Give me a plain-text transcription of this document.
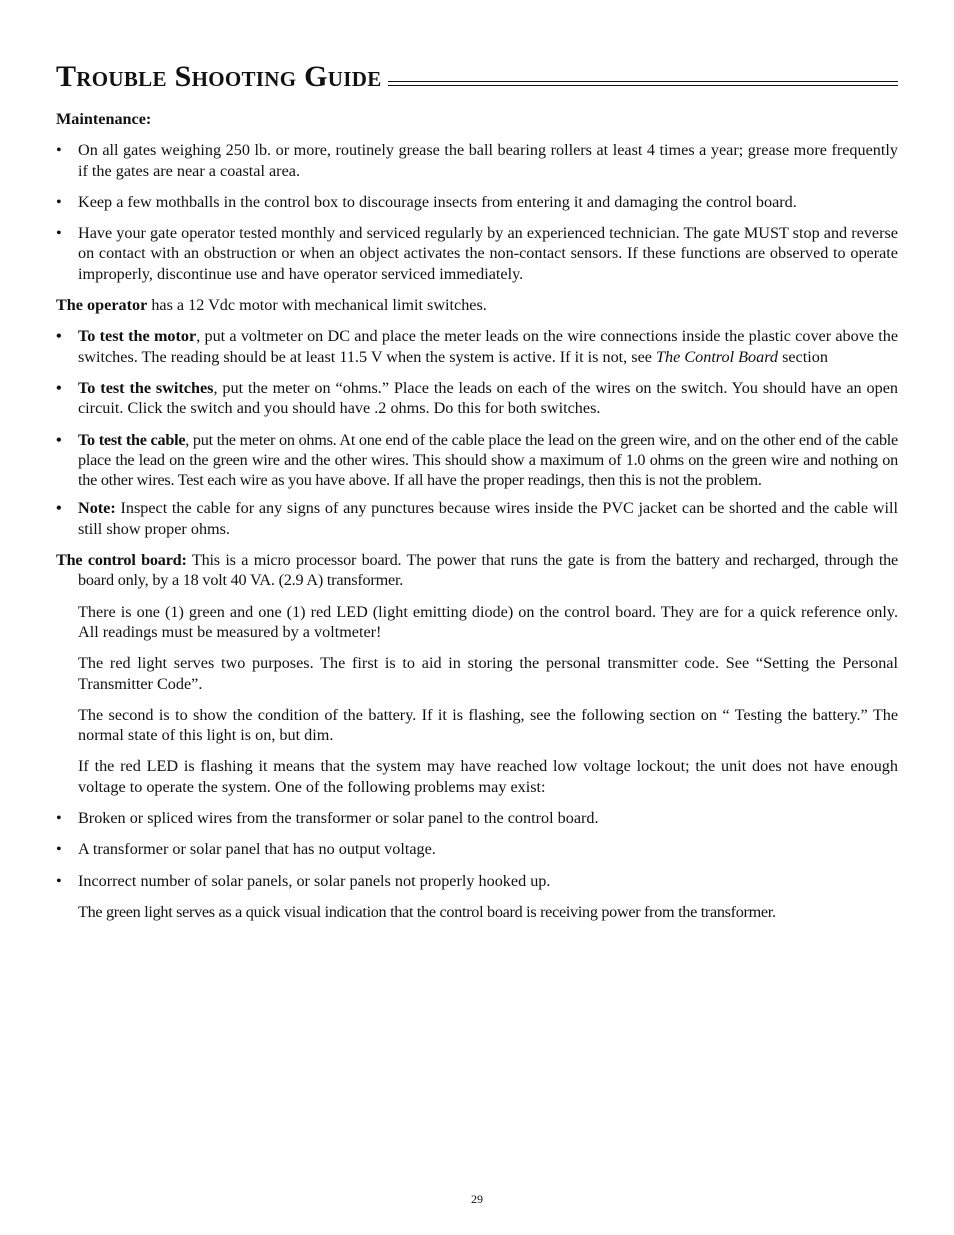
Trouble Shooting Guide

Maintenance:

•	On all gates weighing 250 lb. or more, routinely grease the ball bearing rollers at least 4 times a year; grease more frequently if the gates are near a coastal area.

•	Keep a few mothballs in the control box to discourage insects from entering it and damaging the control board.

•	Have your gate operator tested monthly and serviced regularly by an experienced technician. The gate MUST stop and reverse on contact with an obstruction or when an object activates the non-contact sensors. If these functions are observed to operate improperly, discontinue use and have operator serviced immediately.

The operator has a 12 Vdc motor with mechanical limit switches.

•	To test the motor, put a voltmeter on DC and place the meter leads on the wire connections inside the plastic cover above the switches. The reading should be at least 11.5 V when the system is active. If it is not, see The Control Board section

•	To test the switches, put the meter on “ohms.” Place the leads on each of the wires on the switch. You should have an open circuit. Click the switch and you should have .2 ohms. Do this for both switches.

•	To test the cable, put the meter on ohms. At one end of the cable place the lead on the green wire, and on the other end of the cable place the lead on the green wire and the other wires. This should show a maximum of 1.0 ohms on the green wire and nothing on the other wires. Test each wire as you have above. If all have the proper readings, then this is not the problem.

•	Note: Inspect the cable for any signs of any punctures because wires inside the PVC jacket can be shorted and the cable will still show proper ohms.

The control board: This is a micro processor board. The power that runs the gate is from the battery and recharged, through the board only, by a 18 volt 40 VA. (2.9 A) transformer.

There is one (1) green and one (1) red LED (light emitting diode) on the control board. They are for a quick reference only. All readings must be measured by a voltmeter!

The red light serves two purposes. The first is to aid in storing the personal transmitter code. See “Setting the Personal Transmitter Code”.

The second is to show the condition of the battery. If it is flashing, see the following section on “ Testing the battery.” The normal state of this light is on, but dim.

If the red LED is flashing it means that the system may have reached low voltage lockout; the unit does not have enough voltage to operate the system. One of the following problems may exist:

•	Broken or spliced wires from the transformer or solar panel to the control board.

•	A transformer or solar panel that has no output voltage.

•	Incorrect number of solar panels, or solar panels not properly hooked up.

The green light serves as a quick visual indication that the control board is receiving power from the transformer.

29
